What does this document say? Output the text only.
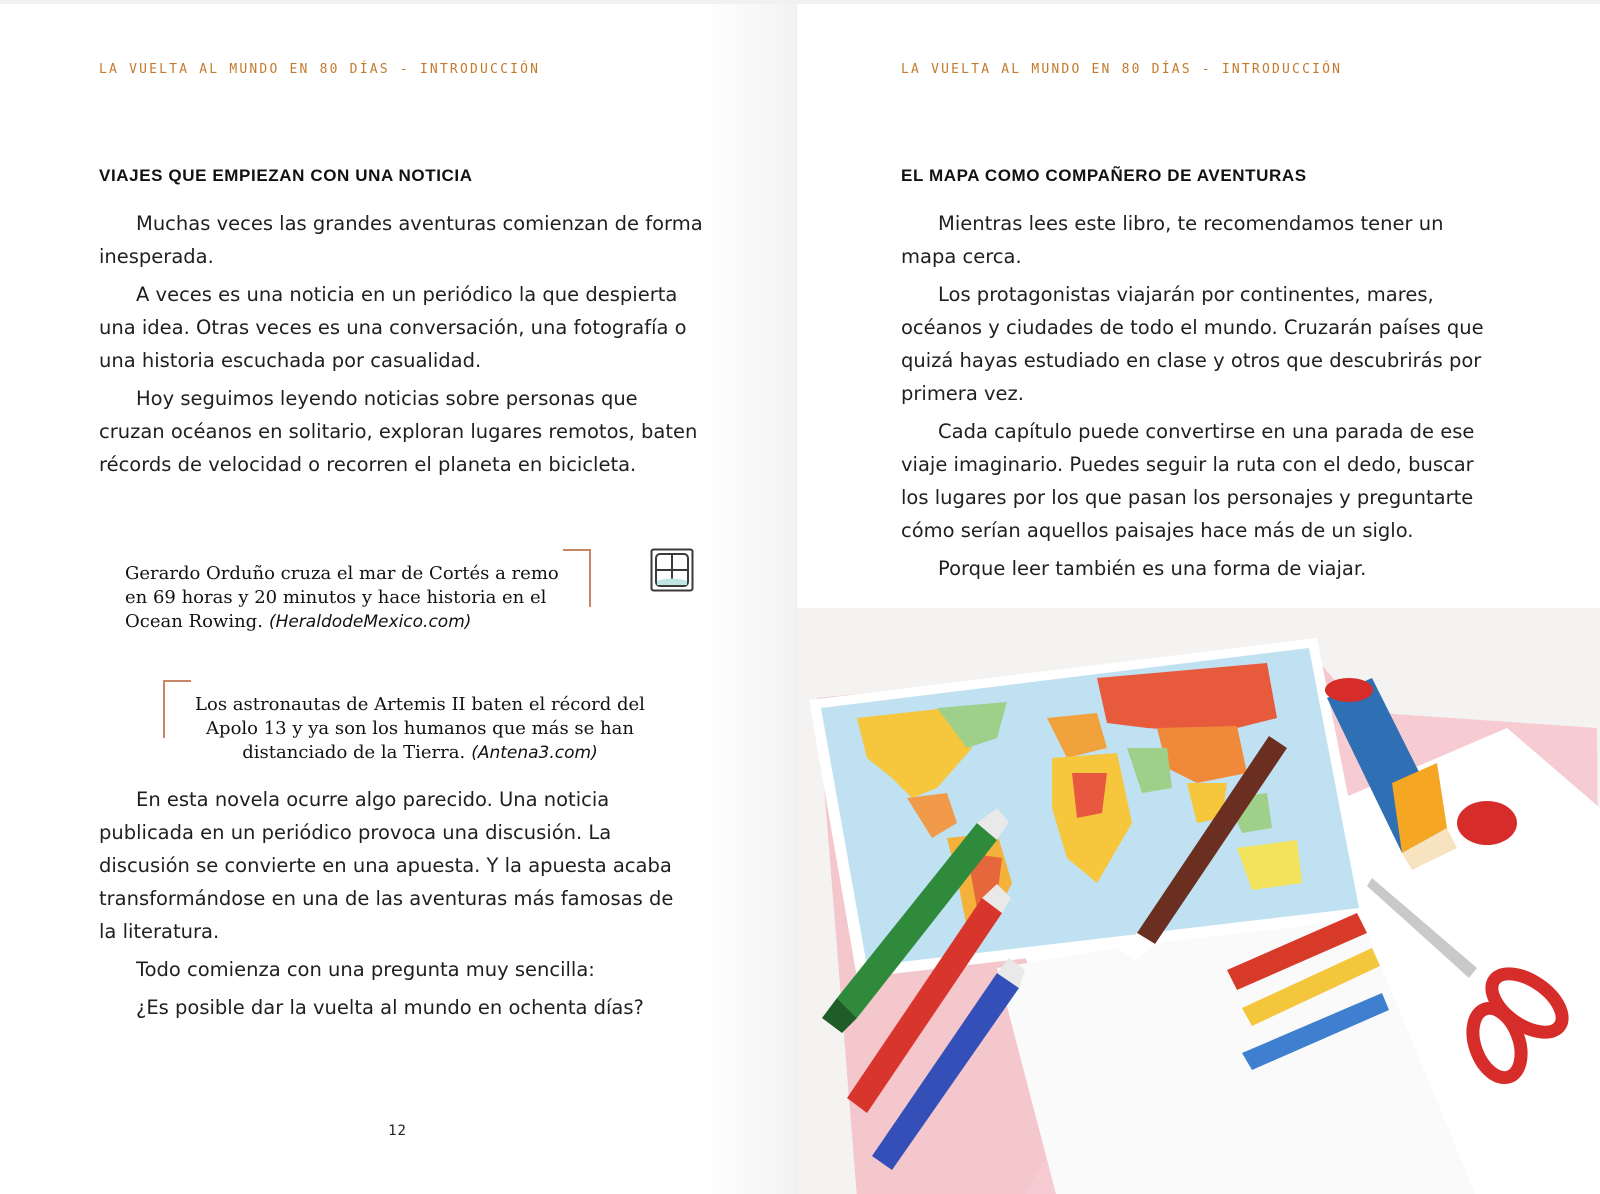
LA VUELTA AL MUNDO EN 80 DÍAS - INTRODUCCIÓN
VIAJES QUE EMPIEZAN CON UNA NOTICIA

Muchas veces las grandes aventuras comienzan de forma inesperada.

A veces es una noticia en un periódico la que despierta una idea. Otras veces es una conversación, una fotografía o una historia escuchada por casualidad.

Hoy seguimos leyendo noticias sobre personas que cruzan océanos en solitario, exploran lugares remotos, baten récords de velocidad o recorren el planeta en bicicleta.

Gerardo Orduño cruza el mar de Cortés a remo en 69 horas y 20 minutos y hace historia en el Ocean Rowing. (HeraldodeMexico.com)
Los astronautas de Artemis II baten el récord del Apolo 13 y ya son los humanos que más se han distanciado de la Tierra. (Antena3.com)

En esta novela ocurre algo parecido. Una noticia publicada en un periódico provoca una discusión. La discusión se convierte en una apuesta. Y la apuesta acaba transformándose en una de las aventuras más famosas de la literatura.

Todo comienza con una pregunta muy sencilla:

¿Es posible dar la vuelta al mundo en ochenta días?

12
LA VUELTA AL MUNDO EN 80 DÍAS - INTRODUCCIÓN
EL MAPA COMO COMPAÑERO DE AVENTURAS

Mientras lees este libro, te recomendamos tener un mapa cerca.

Los protagonistas viajarán por continentes, mares, océanos y ciudades de todo el mundo. Cruzarán países que quizá hayas estudiado en clase y otros que descubrirás por primera vez.

Cada capítulo puede convertirse en una parada de ese viaje imaginario. Puedes seguir la ruta con el dedo, buscar los lugares por los que pasan los personajes y preguntarte cómo serían aquellos paisajes hace más de un siglo.

Porque leer también es una forma de viajar.
